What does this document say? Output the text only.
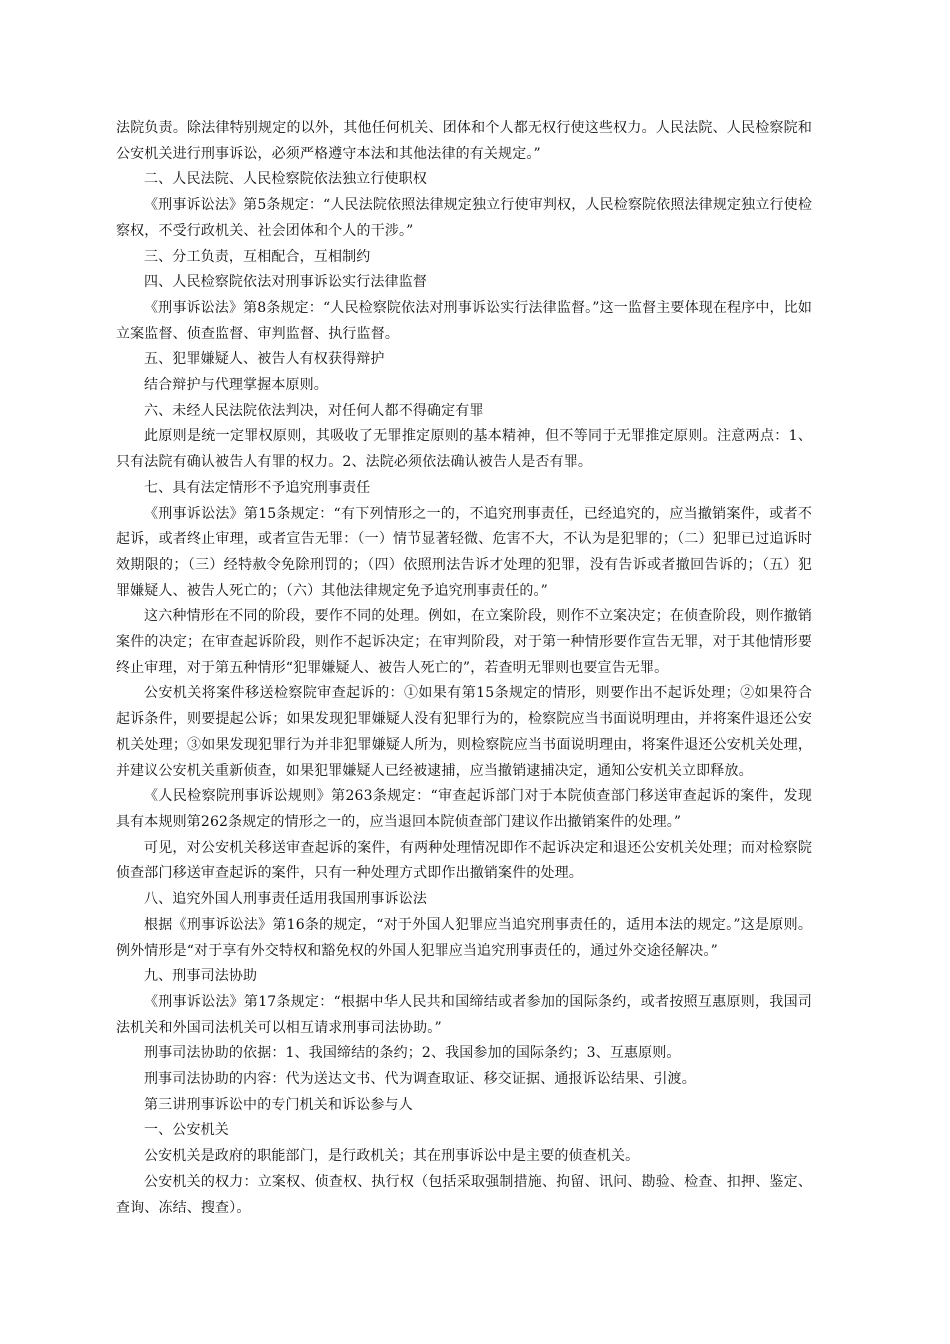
法院负责。除法律特别规定的以外，其他任何机关、团体和个人都无权行使这些权力。人民法院、人民检察院和公安机关进行刑事诉讼，必须严格遵守本法和其他法律的有关规定。”

二、人民法院、人民检察院依法独立行使职权

《刑事诉讼法》第5条规定：“人民法院依照法律规定独立行使审判权，人民检察院依照法律规定独立行使检察权，不受行政机关、社会团体和个人的干涉。”

三、分工负责，互相配合，互相制约

四、人民检察院依法对刑事诉讼实行法律监督

《刑事诉讼法》第8条规定：“人民检察院依法对刑事诉讼实行法律监督。”这一监督主要体现在程序中，比如立案监督、侦查监督、审判监督、执行监督。

五、犯罪嫌疑人、被告人有权获得辩护

结合辩护与代理掌握本原则。

六、未经人民法院依法判决，对任何人都不得确定有罪

此原则是统一定罪权原则，其吸收了无罪推定原则的基本精神，但不等同于无罪推定原则。注意两点：1、只有法院有确认被告人有罪的权力。2、法院必须依法确认被告人是否有罪。

七、具有法定情形不予追究刑事责任

《刑事诉讼法》第15条规定：“有下列情形之一的，不追究刑事责任，已经追究的，应当撤销案件，或者不起诉，或者终止审理，或者宣告无罪：（一）情节显著轻微、危害不大，不认为是犯罪的；（二）犯罪已过追诉时效期限的；（三）经特赦令免除刑罚的；（四）依照刑法告诉才处理的犯罪，没有告诉或者撤回告诉的；（五）犯罪嫌疑人、被告人死亡的；（六）其他法律规定免予追究刑事责任的。”

这六种情形在不同的阶段，要作不同的处理。例如，在立案阶段，则作不立案决定；在侦查阶段，则作撤销案件的决定；在审查起诉阶段，则作不起诉决定；在审判阶段，对于第一种情形要作宣告无罪，对于其他情形要终止审理，对于第五种情形“犯罪嫌疑人、被告人死亡的”，若查明无罪则也要宣告无罪。

公安机关将案件移送检察院审查起诉的：①如果有第15条规定的情形，则要作出不起诉处理；②如果符合起诉条件，则要提起公诉；如果发现犯罪嫌疑人没有犯罪行为的，检察院应当书面说明理由，并将案件退还公安机关处理；③如果发现犯罪行为并非犯罪嫌疑人所为，则检察院应当书面说明理由，将案件退还公安机关处理，并建议公安机关重新侦查，如果犯罪嫌疑人已经被逮捕，应当撤销逮捕决定，通知公安机关立即释放。

《人民检察院刑事诉讼规则》第263条规定：“审查起诉部门对于本院侦查部门移送审查起诉的案件，发现具有本规则第262条规定的情形之一的，应当退回本院侦查部门建议作出撤销案件的处理。”

可见，对公安机关移送审查起诉的案件，有两种处理情况即作不起诉决定和退还公安机关处理；而对检察院侦查部门移送审查起诉的案件，只有一种处理方式即作出撤销案件的处理。

八、追究外国人刑事责任适用我国刑事诉讼法

根据《刑事诉讼法》第16条的规定，“对于外国人犯罪应当追究刑事责任的，适用本法的规定。”这是原则。例外情形是“对于享有外交特权和豁免权的外国人犯罪应当追究刑事责任的，通过外交途径解决。”

九、刑事司法协助

《刑事诉讼法》第17条规定：“根据中华人民共和国缔结或者参加的国际条约，或者按照互惠原则，我国司法机关和外国司法机关可以相互请求刑事司法协助。”

刑事司法协助的依据：1、我国缔结的条约；2、我国参加的国际条约；3、互惠原则。

刑事司法协助的内容：代为送达文书、代为调查取证、移交证据、通报诉讼结果、引渡。

第三讲刑事诉讼中的专门机关和诉讼参与人

一、公安机关

公安机关是政府的职能部门，是行政机关；其在刑事诉讼中是主要的侦查机关。

公安机关的权力：立案权、侦查权、执行权（包括采取强制措施、拘留、讯问、勘验、检查、扣押、鉴定、查询、冻结、搜查）。
